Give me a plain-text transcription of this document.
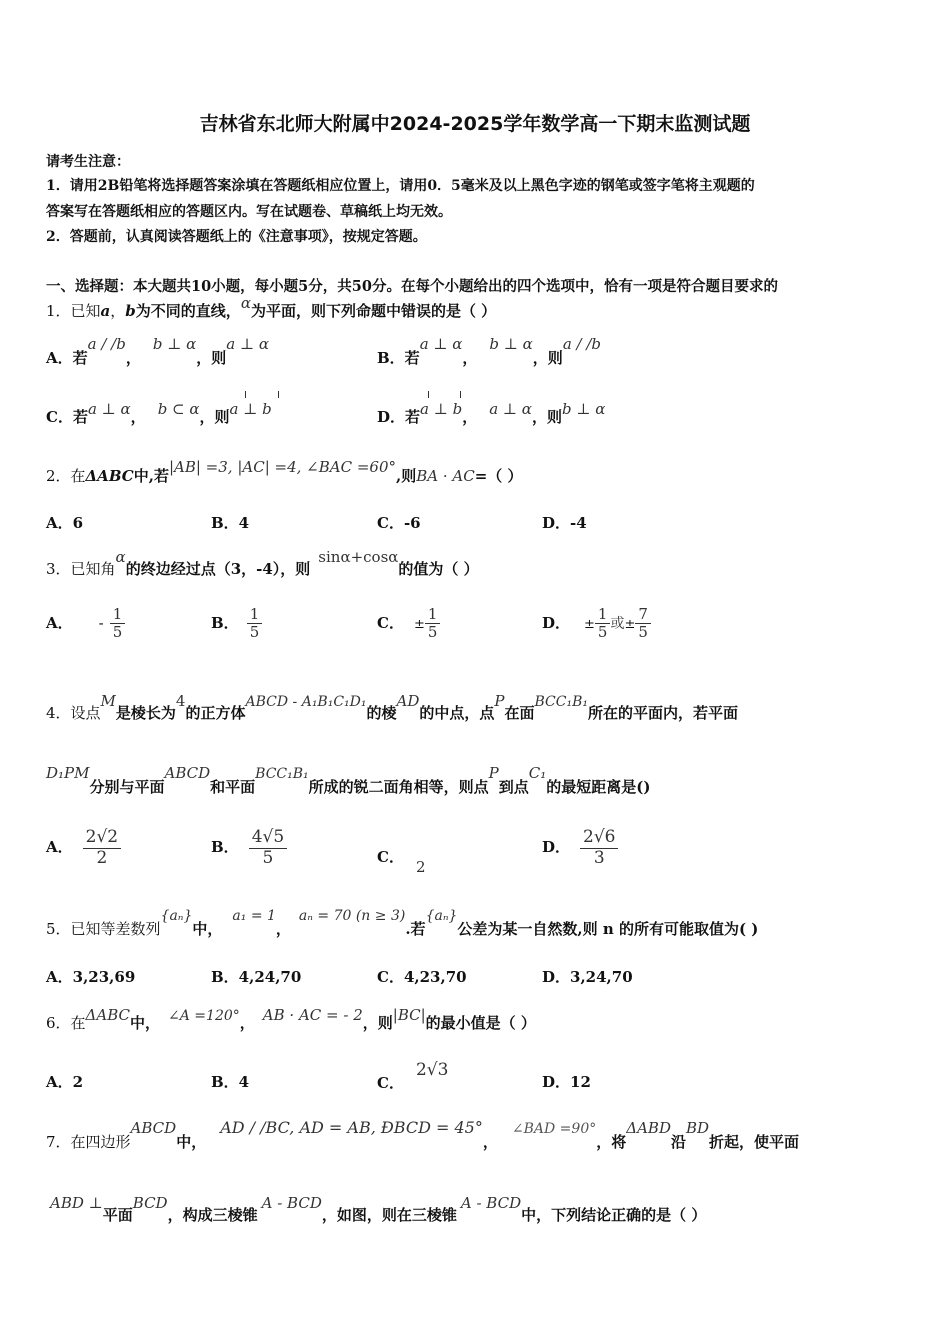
吉林省东北师大附属中2024-2025学年数学高一下期末监测试题
请考生注意：
1．请用2B铅笔将选择题答案涂填在答题纸相应位置上，请用0．5毫米及以上黑色字迹的钢笔或签字笔将主观题的
答案写在答题纸相应的答题区内。写在试题卷、草稿纸上均无效。
2．答题前，认真阅读答题纸上的《注意事项》，按规定答题。
一、选择题：本大题共10小题，每小题5分，共50分。在每个小题给出的四个选项中，恰有一项是符合题目要求的
1．已知a，b为不同的直线，α为平面，则下列命题中错误的是（ ）
A．若a / /b，b ⊥ α，则a ⊥ α
B．若a ⊥ α，b ⊥ α，则a / /b
C．若a ⊥ α， b ⊂ α，则a ⊥ b	D．若a ⊥ b， a ⊥ α，则b ⊥ α
2．在ΔABC中,若|AB| =3, |AC| =4, ∠BAC =60°,则BA · AC=（ ）
A．6	B．4	C．-6	D．-4
3．已知角α的终边经过点（3，-4），则sinα+cosα的值为（ ）
A． - $\frac{1}{5}$	B． $\frac{1}{5}$	C． ± $\frac{1}{5}$	D． ± $\frac{1}{5}$ 或± $\frac{7}{5}$
4．设点M是棱长为4的正方体ABCD - A₁B₁C₁D₁的棱AD的中点，点P在面BCC₁B₁所在的平面内，若平面
D₁PM分别与平面ABCD和平面BCC₁B₁所成的锐二面角相等，则点P到点C₁的最短距离是()
A． $\frac{2√2}{2}$	B． $\frac{4√5}{5}$	C．2
D． $\frac{2√6}{3}$
5．已知等差数列{aₙ}中，a₁ = 1，aₙ = 70 (n ≥ 3).若{aₙ}公差为某一自然数,则 n 的所有可能取值为( )
A．3,23,69	B．4,24,70	C．4,23,70	D．3,24,70
6．在ΔABC中， ∠A =120°， AB · AC = - 2，则|BC|的最小值是（ ）
A．2	B．4	C．2√3
D．12
7．在四边形ABCD中，AD / /BC, AD = AB, ÐBCD = 45°，∠BAD =90°，将ΔABD沿BD折起，使平面
ABD ⊥平面BCD，构成三棱锥A - BCD，如图，则在三棱锥A - BCD中，下列结论正确的是（ ）
